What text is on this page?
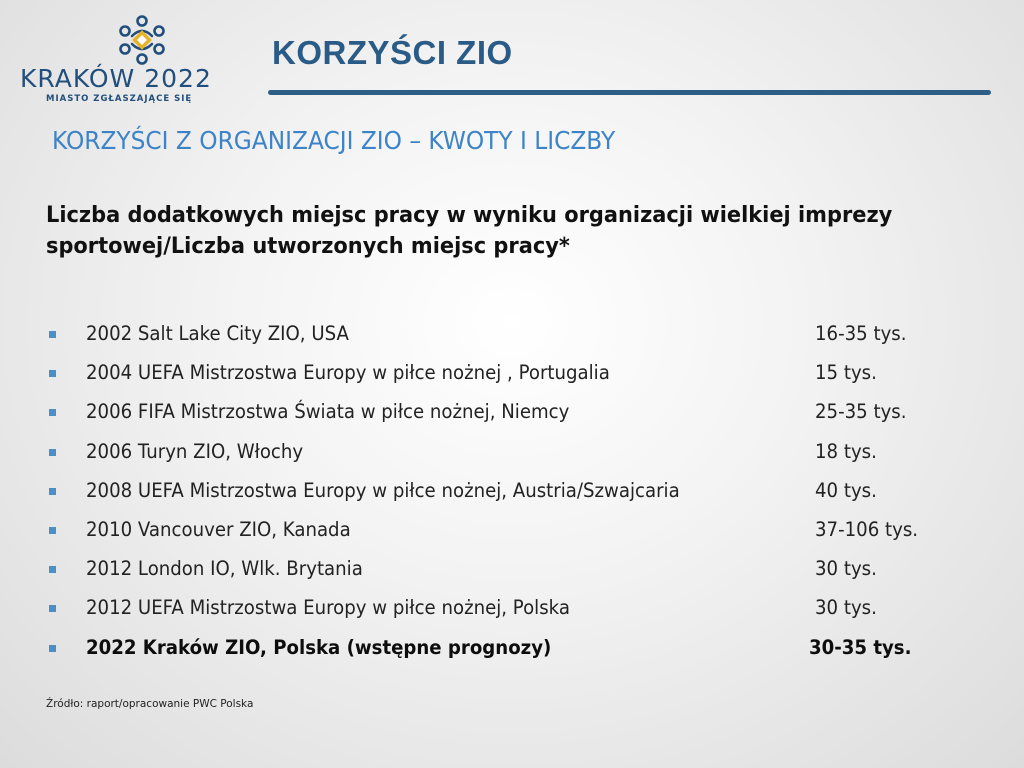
KRAKÓW 2022
MIASTO ZGŁASZAJĄCE SIĘ
KORZYŚCI ZIO
KORZYŚCI Z ORGANIZACJI ZIO – KWOTY I LICZBY
Liczba dodatkowych miejsc pracy w wyniku organizacji wielkiej imprezy sportowej/Liczba utworzonych miejsc pracy*
2002 Salt Lake City ZIO, USA	16-35 tys.
2004 UEFA Mistrzostwa Europy w piłce nożnej , Portugalia	15 tys.
2006 FIFA Mistrzostwa Świata w piłce nożnej, Niemcy	25-35 tys.
2006 Turyn ZIO, Włochy	18 tys.
2008 UEFA Mistrzostwa Europy w piłce nożnej, Austria/Szwajcaria	40 tys.
2010 Vancouver ZIO, Kanada	37-106 tys.
2012 London IO, Wlk. Brytania	30 tys.
2012 UEFA Mistrzostwa Europy w piłce nożnej, Polska	30 tys.
2022 Kraków ZIO, Polska (wstępne prognozy)	30-35 tys.
Źródło: raport/opracowanie PWC Polska
